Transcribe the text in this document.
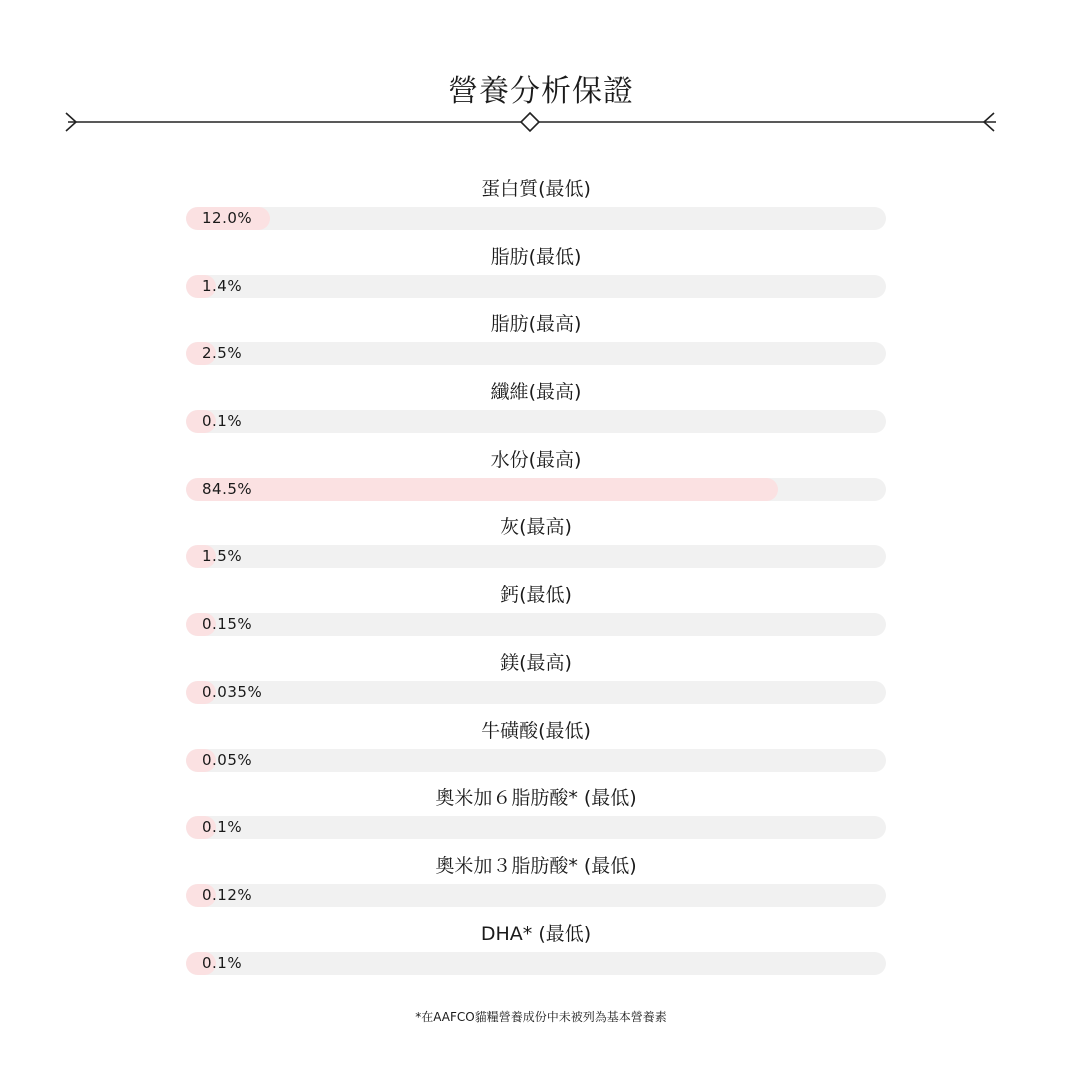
營養分析保證
蛋白質(最低)
12.0%
脂肪(最低)
1.4%
脂肪(最高)
2.5%
纖維(最高)
0.1%
水份(最高)
84.5%
灰(最高)
1.5%
鈣(最低)
0.15%
鎂(最高)
0.035%
牛磺酸(最低)
0.05%
奧米加６脂肪酸* (最低)
0.1%
奧米加３脂肪酸* (最低)
0.12%
DHA* (最低)
0.1%
*在AAFCO貓糧營養成份中未被列為基本營養素
